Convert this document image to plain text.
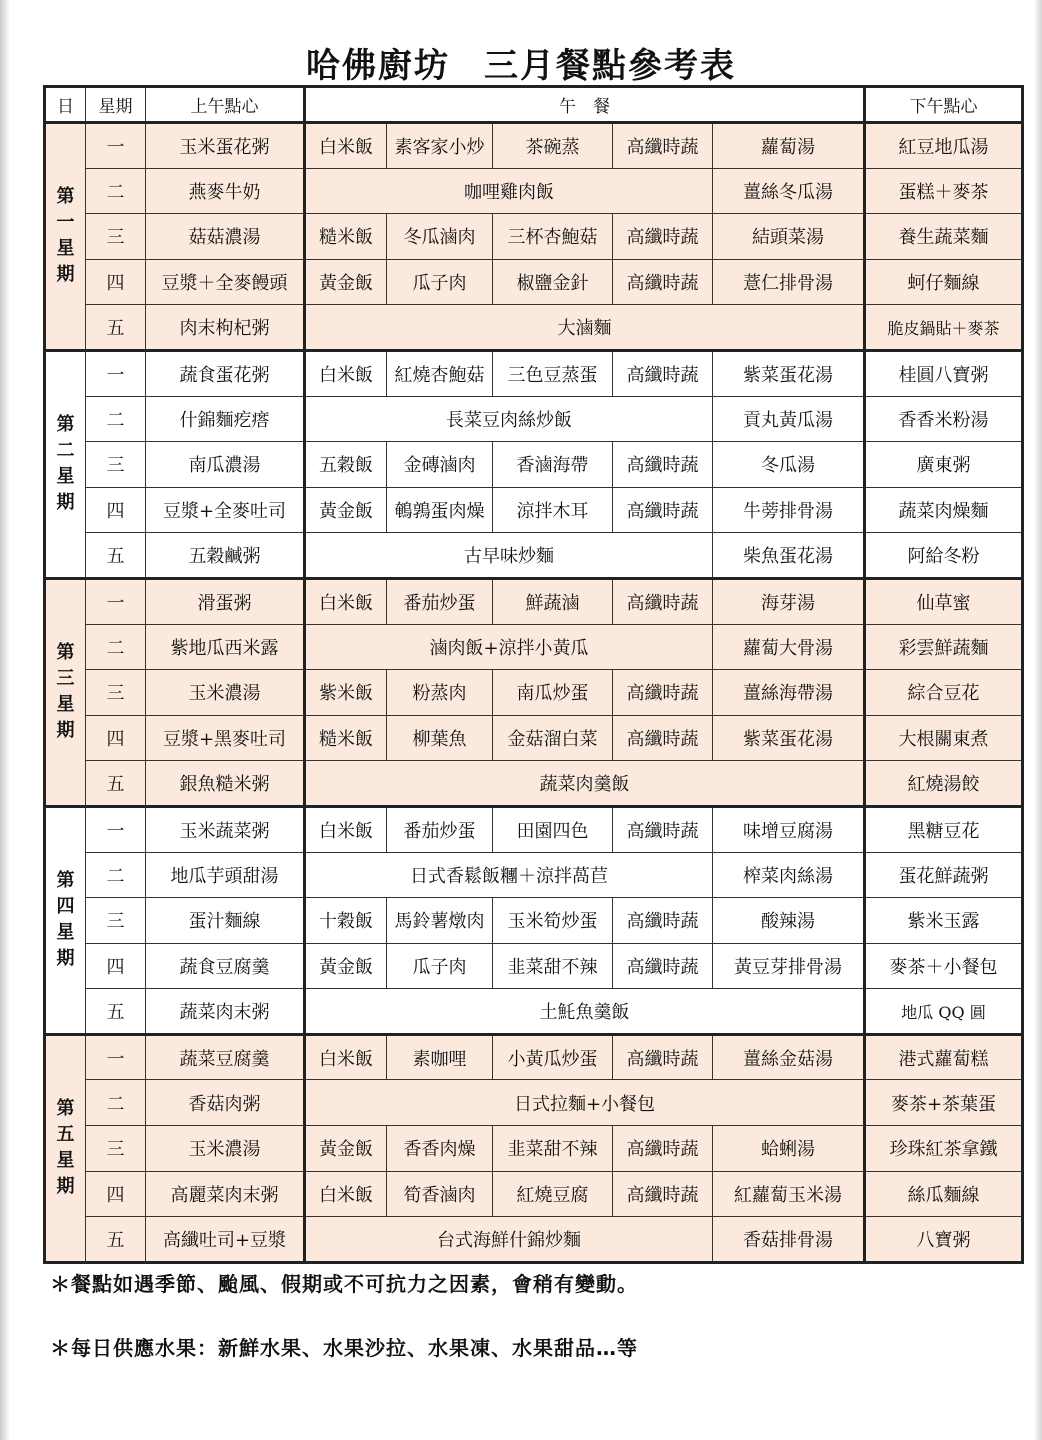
哈佛廚坊 三月餐點參考表
日	星期	上午點心	午　餐					下午點心

第
一
星
期	一	玉米蛋花粥	白米飯	素客家小炒	茶碗蒸	高纖時蔬	蘿蔔湯	紅豆地瓜湯
	二	燕麥牛奶	咖哩雞肉飯				薑絲冬瓜湯	蛋糕＋麥茶
	三	菇菇濃湯	糙米飯	冬瓜滷肉	三杯杏鮑菇	高纖時蔬	結頭菜湯	養生蔬菜麵
	四	豆漿＋全麥饅頭	黃金飯	瓜子肉	椒鹽金針	高纖時蔬	薏仁排骨湯	蚵仔麵線
	五	肉末枸杞粥	大滷麵					脆皮鍋貼＋麥茶

第
二
星
期	一	蔬食蛋花粥	白米飯	紅燒杏鮑菇	三色豆蒸蛋	高纖時蔬	紫菜蛋花湯	桂圓八寶粥
	二	什錦麵疙瘩	長菜豆肉絲炒飯				貢丸黃瓜湯	香香米粉湯
	三	南瓜濃湯	五穀飯	金磚滷肉	香滷海帶	高纖時蔬	冬瓜湯	廣東粥
	四	豆漿+全麥吐司	黃金飯	鵪鶉蛋肉燥	涼拌木耳	高纖時蔬	牛蒡排骨湯	蔬菜肉燥麵
	五	五穀鹹粥	古早味炒麵				柴魚蛋花湯	阿給冬粉

第
三
星
期	一	滑蛋粥	白米飯	番茄炒蛋	鮮蔬滷	高纖時蔬	海芽湯	仙草蜜
	二	紫地瓜西米露	滷肉飯+涼拌小黃瓜				蘿蔔大骨湯	彩雲鮮蔬麵
	三	玉米濃湯	紫米飯	粉蒸肉	南瓜炒蛋	高纖時蔬	薑絲海帶湯	綜合豆花
	四	豆漿+黑麥吐司	糙米飯	柳葉魚	金菇溜白菜	高纖時蔬	紫菜蛋花湯	大根關東煮
	五	銀魚糙米粥	蔬菜肉羹飯					紅燒湯餃

第
四
星
期	一	玉米蔬菜粥	白米飯	番茄炒蛋	田園四色	高纖時蔬	味增豆腐湯	黑糖豆花
	二	地瓜芋頭甜湯	日式香鬆飯糰＋涼拌萵苣				榨菜肉絲湯	蛋花鮮蔬粥
	三	蛋汁麵線	十穀飯	馬鈴薯燉肉	玉米筍炒蛋	高纖時蔬	酸辣湯	紫米玉露
	四	蔬食豆腐羹	黃金飯	瓜子肉	韭菜甜不辣	高纖時蔬	黃豆芽排骨湯	麥茶＋小餐包
	五	蔬菜肉末粥	土魠魚羹飯					地瓜 QQ 圓

第
五
星
期	一	蔬菜豆腐羹	白米飯	素咖哩	小黃瓜炒蛋	高纖時蔬	薑絲金菇湯	港式蘿蔔糕
	二	香菇肉粥	日式拉麵+小餐包					麥茶+茶葉蛋
	三	玉米濃湯	黃金飯	香香肉燥	韭菜甜不辣	高纖時蔬	蛤蜊湯	珍珠紅茶拿鐵
	四	高麗菜肉末粥	白米飯	筍香滷肉	紅燒豆腐	高纖時蔬	紅蘿蔔玉米湯	絲瓜麵線
	五	高纖吐司+豆漿	台式海鮮什錦炒麵				香菇排骨湯	八寶粥
＊餐點如遇季節、颱風、假期或不可抗力之因素，會稍有變動。
＊每日供應水果：新鮮水果、水果沙拉、水果凍、水果甜品…等
